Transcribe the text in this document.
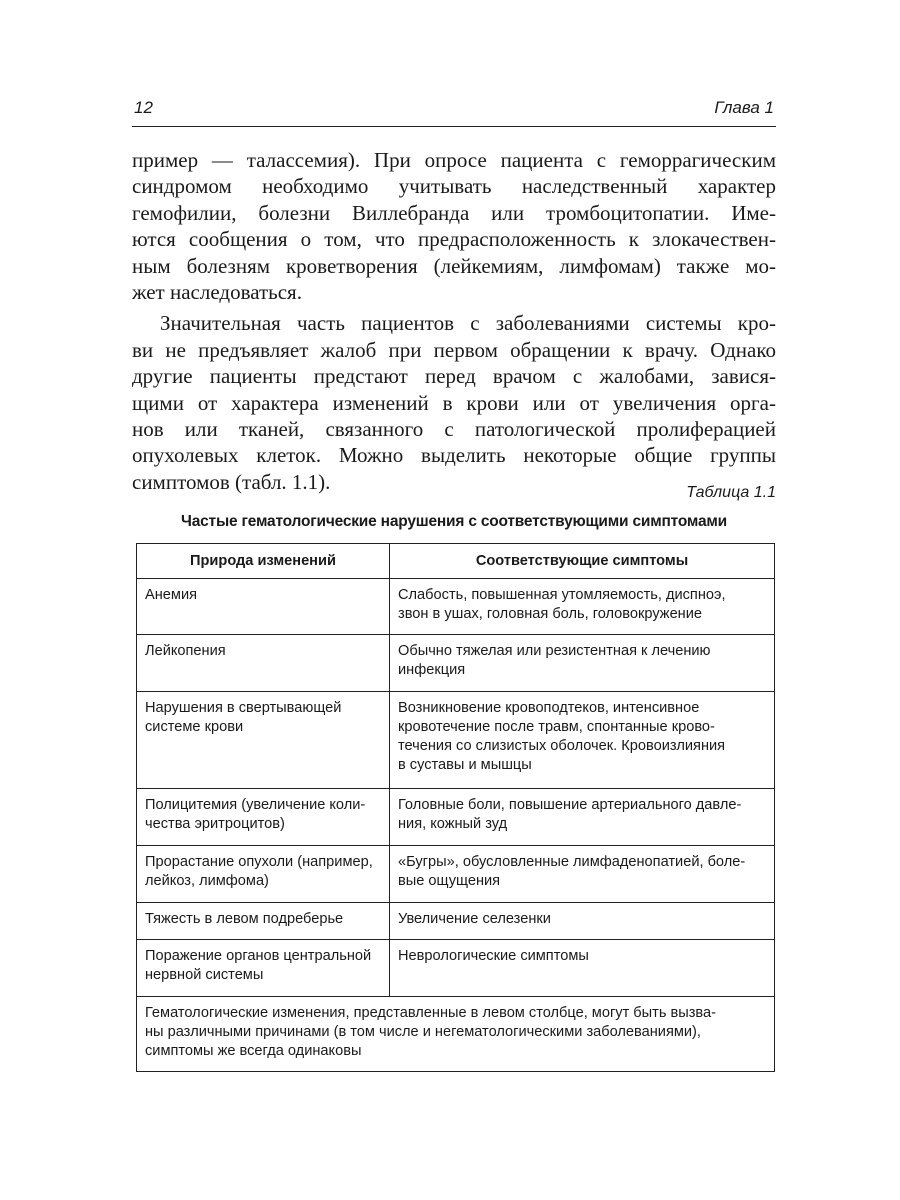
12	Глава 1
пример — талассемия). При опросе пациента с геморрагическим
синдромом необходимо учитывать наследственный характер
гемофилии, болезни Виллебранда или тромбоцитопатии. Име-
ются сообщения о том, что предрасположенность к злокачествен-
ным болезням кроветворения (лейкемиям, лимфомам) также мо-
жет наследоваться.
Значительная часть пациентов с заболеваниями системы кро-
ви не предъявляет жалоб при первом обращении к врачу. Однако
другие пациенты предстают перед врачом с жалобами, завися-
щими от характера изменений в крови или от увеличения орга-
нов или тканей, связанного с патологической пролиферацией
опухолевых клеток. Можно выделить некоторые общие группы
симптомов (табл. 1.1).	Таблица 1.1
Частые гематологические нарушения с соответствующими симптомами
Природа изменений	Соответствующие симптомы

Анемия	Слабость, повышенная утомляемость, диспноэ,
звон в ушах, головная боль, головокружение

Лейкопения	Обычно тяжелая или резистентная к лечению
инфекция

Нарушения в свертывающей
системе крови	Возникновение кровоподтеков, интенсивное
кровотечение после травм, спонтанные крово-
течения со слизистых оболочек. Кровоизлияния
в суставы и мышцы

Полицитемия (увеличение коли-
чества эритроцитов)	Головные боли, повышение артериального давле-
ния, кожный зуд

Прорастание опухоли (например,
лейкоз, лимфома)	«Бугры», обусловленные лимфаденопатией, боле-
вые ощущения

Тяжесть в левом подреберье	Увеличение селезенки

Поражение органов центральной
нервной системы	Неврологические симптомы

Гематологические изменения, представленные в левом столбце, могут быть вызва-
ны различными причинами (в том числе и негематологическими заболеваниями),
симптомы же всегда одинаковы	
